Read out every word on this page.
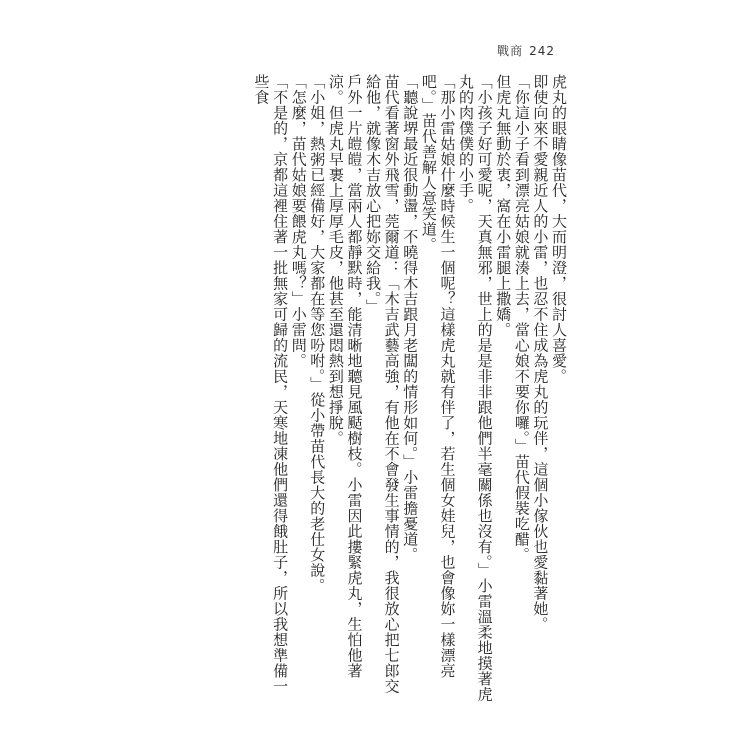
戰商 242

虎丸的眼睛像苗代，大而明澄，很討人喜愛。

即使向來不愛親近人的小雷，也忍不住成為虎丸的玩伴，這個小傢伙也愛黏著她。

「你這小子看到漂亮姑娘就湊上去，當心娘不要你囉。」苗代假裝吃醋。

但虎丸無動於衷，窩在小雷腿上撒嬌。

「小孩子好可愛呢，天真無邪，世上的是是非非跟他們半毫關係也沒有。」小雷溫柔地摸著虎丸的肉僕僕的小手。

「那小雷姑娘什麼時候生一個呢？這樣虎丸就有伴了，若生個女娃兒，也會像妳一樣漂亮吧。」苗代善解人意笑道。

「聽說堺最近很動盪，不曉得木吉跟月老闆的情形如何。」小雷擔憂道。

苗代看著窗外飛雪，莞爾道：「木吉武藝高強，有他在不會發生事情的，我很放心把七郎交給他，就像木吉放心把妳交給我。」

戶外一片皚皚，當兩人都靜默時，能清晰地聽見風颳樹枝。小雷因此摟緊虎丸，生怕他著涼。但虎丸早裹上厚厚毛皮，他甚至還悶熱到想掙脫。

「小姐，熱粥已經備好，大家都在等您吩咐。」從小帶苗代長大的老仕女說。

「怎麼，苗代姑娘要餵虎丸嗎？」小雷問。

「不是的，京都這裡住著一批無家可歸的流民，天寒地凍他們還得餓肚子，所以我想準備一些食
